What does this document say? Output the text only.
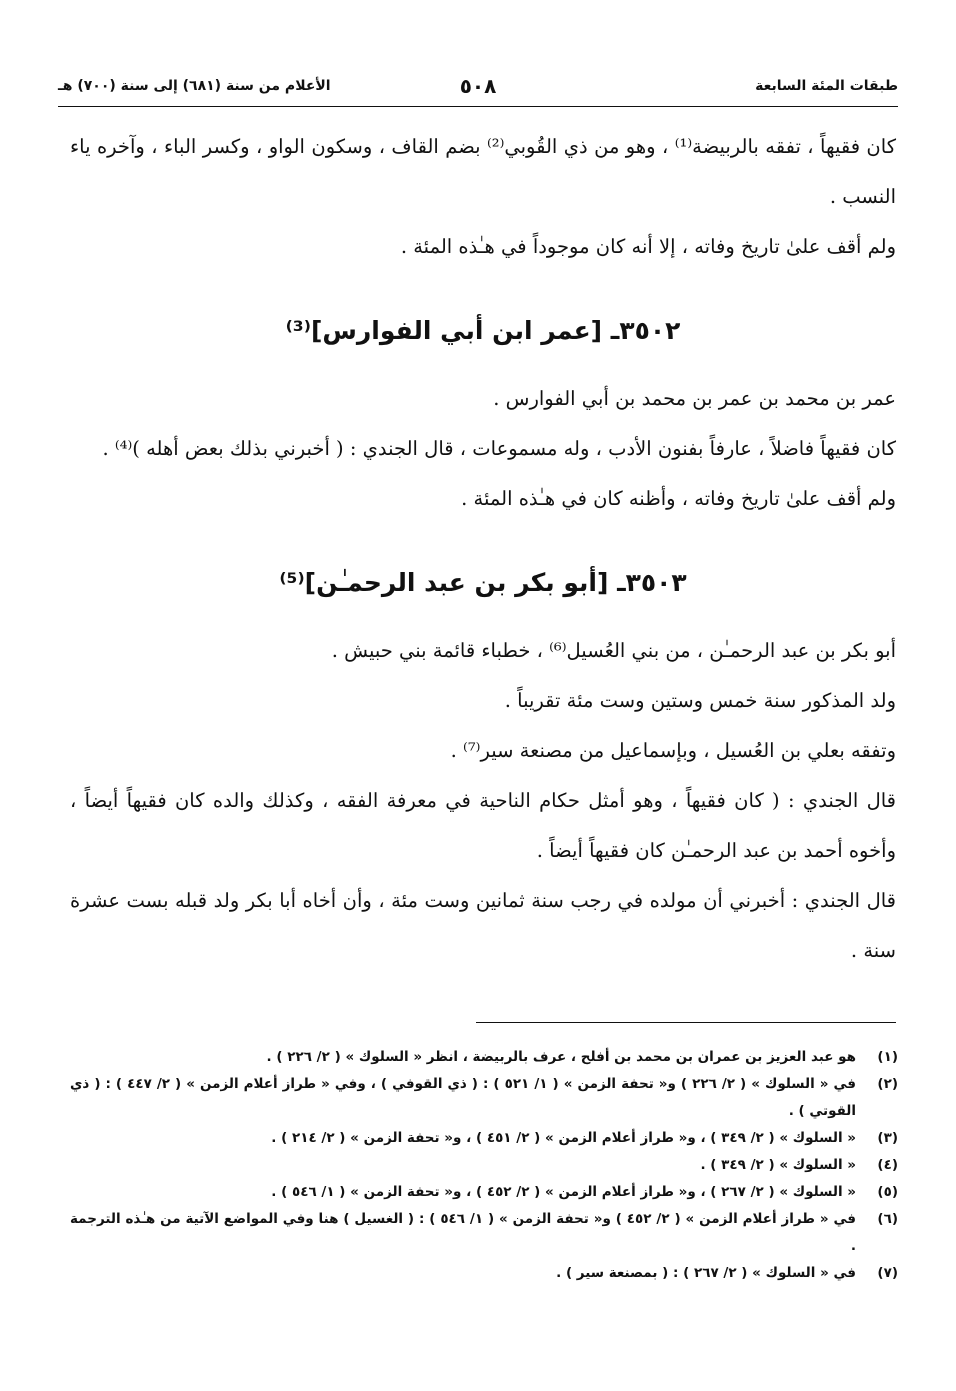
طبقات المئة السابعة
٥٠٨
الأعلام من سنة (٦٨١) إلى سنة (٧٠٠) هـ

كان فقيهاً ، تفقه بالربيضة⁽¹⁾ ، وهو من ذي القُوبي⁽²⁾ بضم القاف ، وسكون الواو ، وكسر الباء ، وآخره ياء النسب .

ولم أقف علىٰ تاريخ وفاته ، إلا أنه كان موجوداً في هـٰذه المئة .

٣٥٠٢ـ [عمر ابن أبي الفوارس]⁽³⁾

عمر بن محمد بن عمر بن محمد بن أبي الفوارس .

كان فقيهاً فاضلاً ، عارفاً بفنون الأدب ، وله مسموعات ، قال الجندي : ( أخبرني بذلك بعض أهله )⁽⁴⁾ .

ولم أقف علىٰ تاريخ وفاته ، وأظنه كان في هـٰذه المئة .

٣٥٠٣ـ [أبو بكر بن عبد الرحمـٰن]⁽⁵⁾

أبو بكر بن عبد الرحمـٰن ، من بني العُسيل⁽⁶⁾ ، خطباء قائمة بني حبيش .

ولد المذكور سنة خمس وستين وست مئة تقريباً .

وتفقه بعلي بن العُسيل ، وبإسماعيل من مصنعة سير⁽⁷⁾ .

قال الجندي : ( كان فقيهاً ، وهو أمثل حكام الناحية في معرفة الفقه ، وكذلك والده كان فقيهاً أيضاً ، وأخوه أحمد بن عبد الرحمـٰن كان فقيهاً أيضاً .

قال الجندي : أخبرني أن مولده في رجب سنة ثمانين وست مئة ، وأن أخاه أبا بكر ولد قبله بست عشرة سنة .

(١)
هو عبد العزيز بن عمران بن محمد بن أفلح ، عرف بالربيضة ، انظر « السلوك » ( ٢/ ٢٢٦ ) .
(٢)
في « السلوك » ( ٢/ ٢٢٦ ) و« تحفة الزمن » ( ١/ ٥٢١ ) : ( ذي القوفي ) ، وفي « طراز أعلام الزمن » ( ٢/ ٤٤٧ ) : ( ذي القوتي ) .
(٣)
« السلوك » ( ٢/ ٣٤٩ ) ، و« طراز أعلام الزمن » ( ٢/ ٤٥١ ) ، و« تحفة الزمن » ( ٢/ ٢١٤ ) .
(٤)
« السلوك » ( ٢/ ٣٤٩ ) .
(٥)
« السلوك » ( ٢/ ٢٦٧ ) ، و« طراز أعلام الزمن » ( ٢/ ٤٥٢ ) ، و« تحفة الزمن » ( ١/ ٥٤٦ ) .
(٦)
في « طراز أعلام الزمن » ( ٢/ ٤٥٢ ) و« تحفة الزمن » ( ١/ ٥٤٦ ) : ( الغسيل ) هنا وفي المواضع الآتية من هـٰذه الترجمة .
(٧)
في « السلوك » ( ٢/ ٢٦٧ ) : ( بمصنعة سير ) .
